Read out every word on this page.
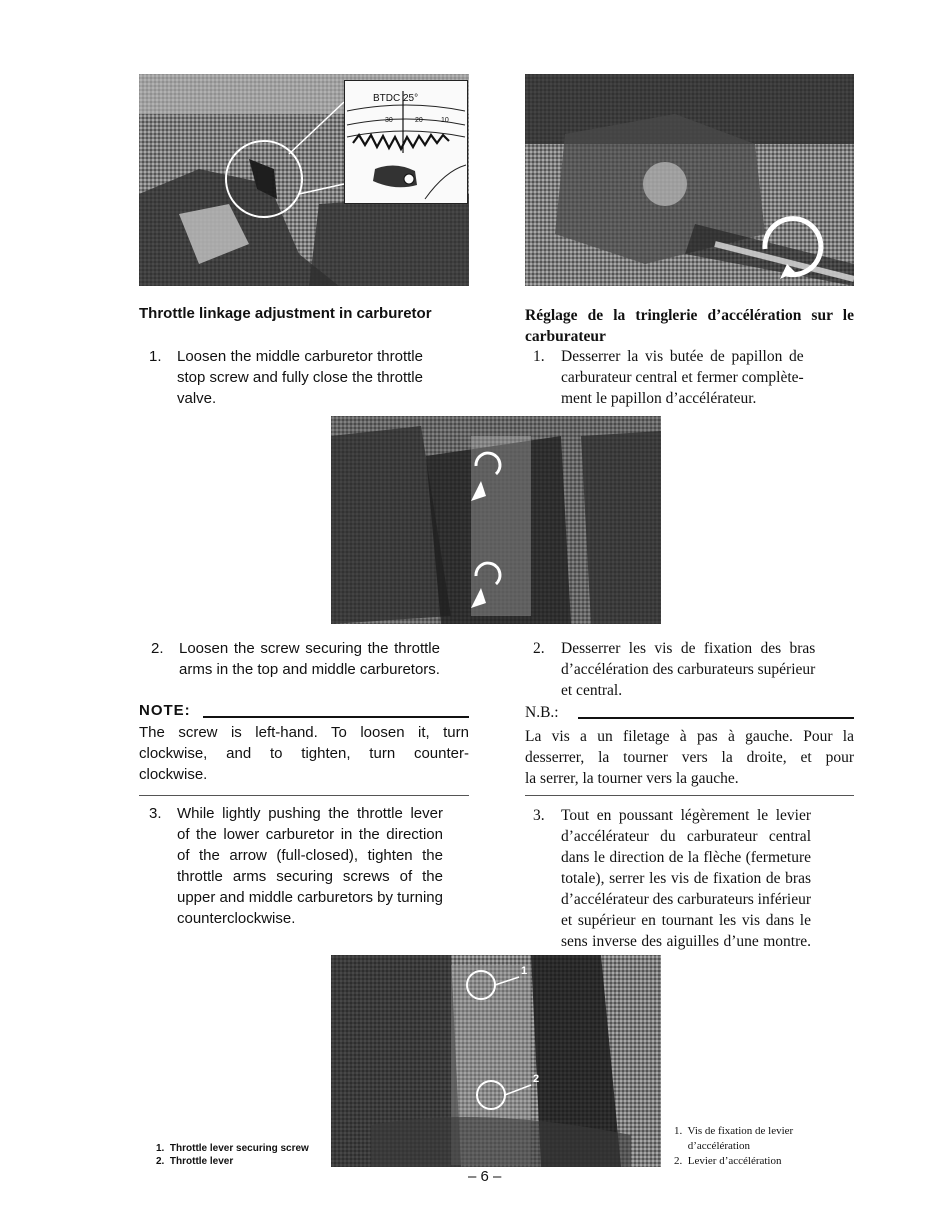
BTDC 25°
30	20	10
Throttle linkage adjustment in carburetor
1. Loosen the middle carburetor throttle
stop screw and fully close the throttle
valve.
Réglage de la tringlerie d’accélération sur le
carburateur
1. Desserrer la vis butée de papillon de
carburateur central et fermer complète-
ment le papillon d’accélérateur.
2. Loosen the screw securing the throttle
arms in the top and middle carburetors.
2. Desserrer les vis de fixation des bras
d’accélération des carburateurs supérieur
et central.
NOTE:
The screw is left-hand. To loosen it, turn
clockwise, and to tighten, turn counter-
clockwise.
N.B.:
La vis a un filetage à pas à gauche. Pour la
desserrer, la tourner vers la droite, et pour
la serrer, la tourner vers la gauche.
3. While lightly pushing the throttle lever
of the lower carburetor in the direction
of the arrow (full-closed), tighten the
throttle arms securing screws of the
upper and middle carburetors by turning
counterclockwise.
3. Tout en poussant légèrement le levier
d’accélérateur du carburateur central
dans le direction de la flèche (fermeture
totale), serrer les vis de fixation de bras
d’accélérateur des carburateurs inférieur
et supérieur en tournant les vis dans le
sens inverse des aiguilles d’une montre.
1
2
1.  Throttle lever securing screw
2.  Throttle lever
1.  Vis de fixation de levier
d’accélération
2.  Levier d’accélération
– 6 –
